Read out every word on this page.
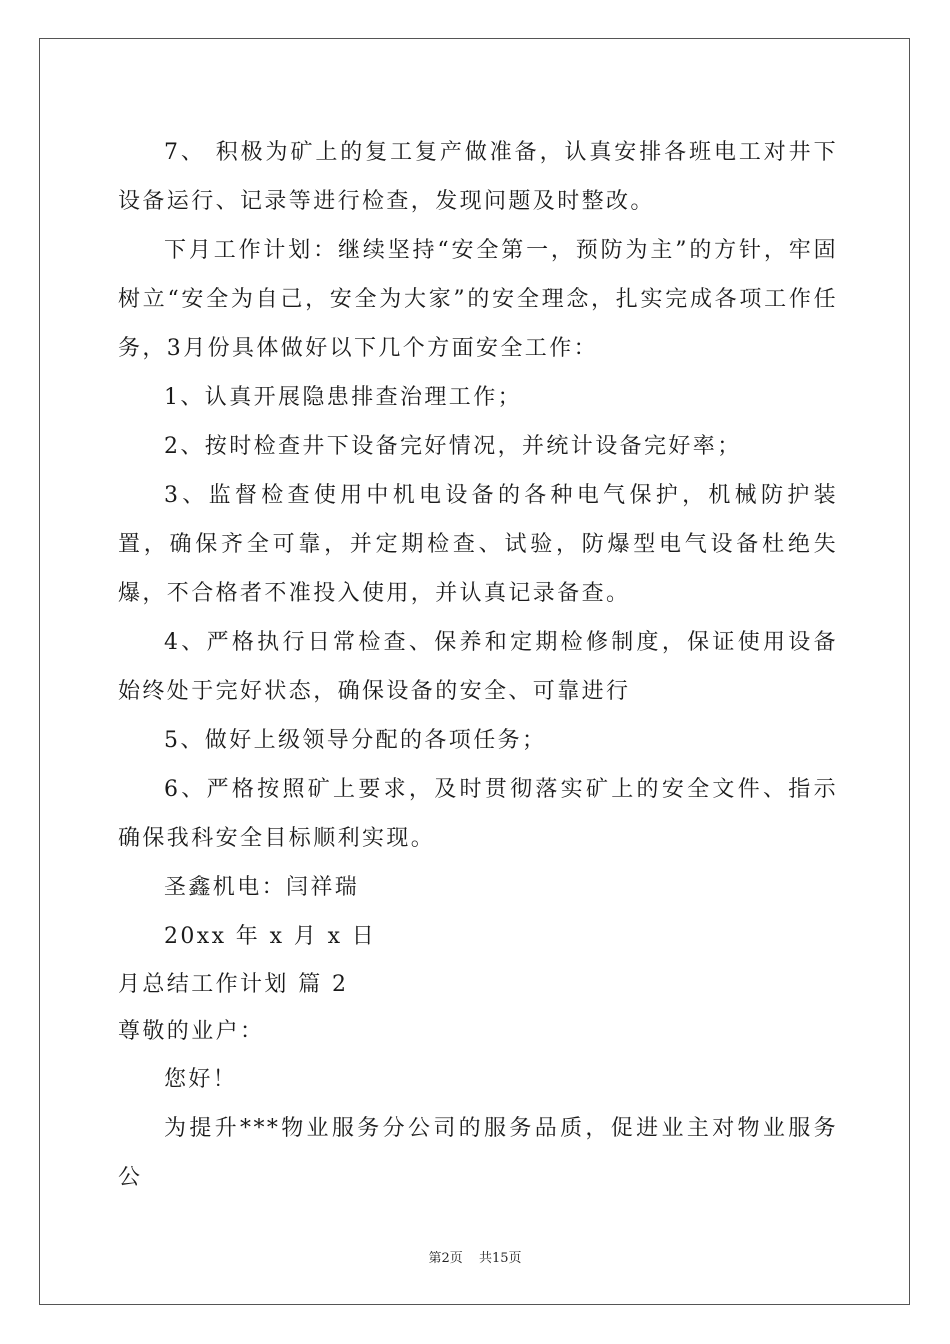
7、 积极为矿上的复工复产做准备，认真安排各班电工对井下设备运行、记录等进行检查，发现问题及时整改。

下月工作计划：继续坚持“安全第一，预防为主”的方针，牢固树立“安全为自己，安全为大家”的安全理念，扎实完成各项工作任务，3月份具体做好以下几个方面安全工作：

1、认真开展隐患排查治理工作；

2、按时检查井下设备完好情况，并统计设备完好率；

3、监督检查使用中机电设备的各种电气保护，机械防护装置，确保齐全可靠，并定期检查、试验，防爆型电气设备杜绝失爆，不合格者不准投入使用，并认真记录备查。

4、严格执行日常检查、保养和定期检修制度，保证使用设备始终处于完好状态，确保设备的安全、可靠进行

5、做好上级领导分配的各项任务；

6、严格按照矿上要求，及时贯彻落实矿上的安全文件、指示确保我科安全目标顺利实现。

圣鑫机电：闫祥瑞

20xx 年 x 月 x 日

月总结工作计划 篇 2

尊敬的业户：

您好！

为提升***物业服务分公司的服务品质，促进业主对物业服务公

第2页 共15页
